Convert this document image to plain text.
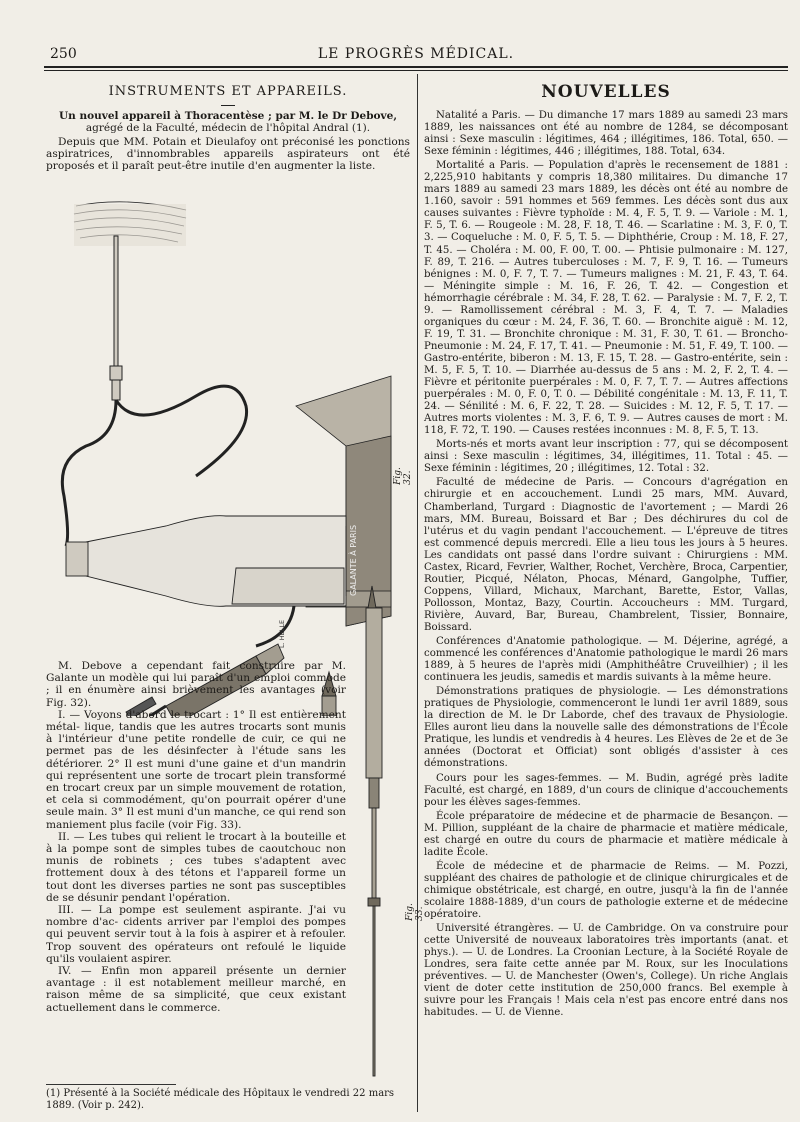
250	LE PROGRÈS MÉDICAL.
INSTRUMENTS ET APPAREILS.
Un nouvel appareil à Thoracentèse ; par M. le Dr Debove,
agrégé de la Faculté, médecin de l'hôpital Andral (1).

Depuis que MM. Potain et Dieulafoy ont préconisé les ponctions aspiratrices, d'innombrables appareils aspirateurs ont été proposés et il paraît peut-être inutile d'en augmenter la liste.

GALANTE À PARIS
L. HELLE
Fig. 32.

M. Debove a cependant fait construire par M. Galante un modèle qui lui paraît d'un emploi commode ; il en énumère ainsi brièvement les avantages (voir Fig. 32).

I. — Voyons d'abord le trocart : 1° Il est entièrement métal- lique, tandis que les autres trocarts sont munis à l'intérieur d'une petite rondelle de cuir, ce qui ne permet pas de les désinfecter à l'étude sans les détériorer. 2° Il est muni d'une gaine et d'un mandrin qui représentent une sorte de trocart plein transformé en trocart creux par un simple mouvement de rotation, et cela si commodément, qu'on pourrait opérer d'une seule main. 3° Il est muni d'un manche, ce qui rend son maniement plus facile (voir Fig. 33).

II. — Les tubes qui relient le trocart à la bouteille et à la pompe sont de simples tubes de caoutchouc non munis de robinets ; ces tubes s'adaptent avec frottement doux à des tétons et l'appareil forme un tout dont les diverses parties ne sont pas susceptibles de se désunir pendant l'opération.

III. — La pompe est seulement aspirante. J'ai vu nombre d'ac- cidents arriver par l'emploi des pompes qui peuvent servir tout à la fois à aspirer et à refouler. Trop souvent des opérateurs ont refoulé le liquide qu'ils voulaient aspirer.

IV. — Enfin mon appareil présente un dernier avantage : il est notablement meilleur marché, en raison même de sa simplicité, que ceux existant actuellement dans le commerce.

Fig. 33.
(1) Présenté à la Société médicale des Hôpitaux le vendredi 22 mars 1889. (Voir p. 242).
NOUVELLES

Natalité a Paris. — Du dimanche 17 mars 1889 au samedi 23 mars 1889, les naissances ont été au nombre de 1284, se décomposant ainsi : Sexe masculin : légitimes, 464 ; illégitimes, 186. Total, 650. — Sexe féminin : légitimes, 446 ; illégitimes, 188. Total, 634.

Mortalité a Paris. — Population d'après le recensement de 1881 : 2,225,910 habitants y compris 18,380 militaires. Du dimanche 17 mars 1889 au samedi 23 mars 1889, les décès ont été au nombre de 1.160, savoir : 591 hommes et 569 femmes. Les décès sont dus aux causes suivantes : Fièvre typhoïde : M. 4, F. 5, T. 9. — Variole : M. 1, F. 5, T. 6. — Rougeole : M. 28, F. 18, T. 46. — Scarlatine : M. 3, F. 0, T. 3. — Coqueluche : M. 0, F. 5, T. 5. — Diphthérie, Croup : M. 18, F. 27, T. 45. — Choléra : M. 00, F. 00, T. 00. — Phtisie pulmonaire : M. 127, F. 89, T. 216. — Autres tuberculoses : M. 7, F. 9, T. 16. — Tumeurs bénignes : M. 0, F. 7, T. 7. — Tumeurs malignes : M. 21, F. 43, T. 64. — Méningite simple : M. 16, F. 26, T. 42. — Congestion et hémorrhagie cérébrale : M. 34, F. 28, T. 62. — Paralysie : M. 7, F. 2, T. 9. — Ramollissement cérébral : M. 3, F. 4, T. 7. — Maladies organiques du cœur : M. 24, F. 36, T. 60. — Bronchite aiguë : M. 12, F. 19, T. 31. — Bronchite chronique : M. 31, F. 30, T. 61. — Broncho-Pneumonie : M. 24, F. 17, T. 41. — Pneumonie : M. 51, F. 49, T. 100. — Gastro-entérite, biberon : M. 13, F. 15, T. 28. — Gastro-entérite, sein : M. 5, F. 5, T. 10. — Diarrhée au-dessus de 5 ans : M. 2, F. 2, T. 4. — Fièvre et péritonite puerpérales : M. 0, F. 7, T. 7. — Autres affections puerpérales : M. 0, F. 0, T. 0. — Débilité congénitale : M. 13, F. 11, T. 24. — Sénilité : M. 6, F. 22, T. 28. — Suicides : M. 12, F. 5, T. 17. — Autres morts violentes : M. 3, F. 6, T. 9. — Autres causes de mort : M. 118, F. 72, T. 190. — Causes restées inconnues : M. 8, F. 5, T. 13.

Morts-nés et morts avant leur inscription : 77, qui se décomposent ainsi : Sexe masculin : légitimes, 34, illégitimes, 11. Total : 45. — Sexe féminin : légitimes, 20 ; illégitimes, 12. Total : 32.

Faculté de médecine de Paris. — Concours d'agrégation en chirurgie et en accouchement. Lundi 25 mars, MM. Auvard, Chamberland, Turgard : Diagnostic de l'avortement ; — Mardi 26 mars, MM. Bureau, Boissard et Bar ; Des déchirures du col de l'utérus et du vagin pendant l'accouchement. — L'épreuve de titres est commencé depuis mercredi. Elle a lieu tous les jours à 5 heures. Les candidats ont passé dans l'ordre suivant : Chirurgiens : MM. Castex, Ricard, Fevrier, Walther, Rochet, Verchère, Broca, Carpentier, Routier, Picqué, Nélaton, Phocas, Ménard, Gangolphe, Tuffier, Coppens, Villard, Michaux, Marchant, Barette, Estor, Vallas, Pollosson, Montaz, Bazy, Courtin. Accoucheurs : MM. Turgard, Rivière, Auvard, Bar, Bureau, Chambrelent, Tissier, Bonnaire, Boissard.

Conférences d'Anatomie pathologique. — M. Déjerine, agrégé, a commencé les conférences d'Anatomie pathologique le mardi 26 mars 1889, à 5 heures de l'après midi (Amphithéâtre Cruveilhier) ; il les continuera les jeudis, samedis et mardis suivants à la même heure.

Démonstrations pratiques de physiologie. — Les démonstrations pratiques de Physiologie, commenceront le lundi 1er avril 1889, sous la direction de M. le Dr Laborde, chef des travaux de Physiologie. Elles auront lieu dans la nouvelle salle des démonstrations de l'École Pratique, les lundis et vendredis à 4 heures. Les Elèves de 2e et de 3e années (Doctorat et Officiat) sont obligés d'assister à ces démonstrations.

Cours pour les sages-femmes. — M. Budin, agrégé près ladite Faculté, est chargé, en 1889, d'un cours de clinique d'accouchements pour les élèves sages-femmes.

École préparatoire de médecine et de pharmacie de Besançon. — M. Pillion, suppléant de la chaire de pharmacie et matière médicale, est chargé en outre du cours de pharmacie et matière médicale à ladite École.

École de médecine et de pharmacie de Reims. — M. Pozzi, suppléant des chaires de pathologie et de clinique chirurgicales et de chimique obstétricale, est chargé, en outre, jusqu'à la fin de l'année scolaire 1888-1889, d'un cours de pathologie externe et de médecine opératoire.

Université étrangères. — U. de Cambridge. On va construire pour cette Université de nouveaux laboratoires très importants (anat. et phys.). — U. de Londres. La Croonian Lecture, à la Société Royale de Londres, sera faite cette année par M. Roux, sur les Inoculations préventives. — U. de Manchester (Owen's, College). Un riche Anglais vient de doter cette institution de 250,000 francs. Bel exemple à suivre pour les Français ! Mais cela n'est pas encore entré dans nos habitudes. — U. de Vienne.
